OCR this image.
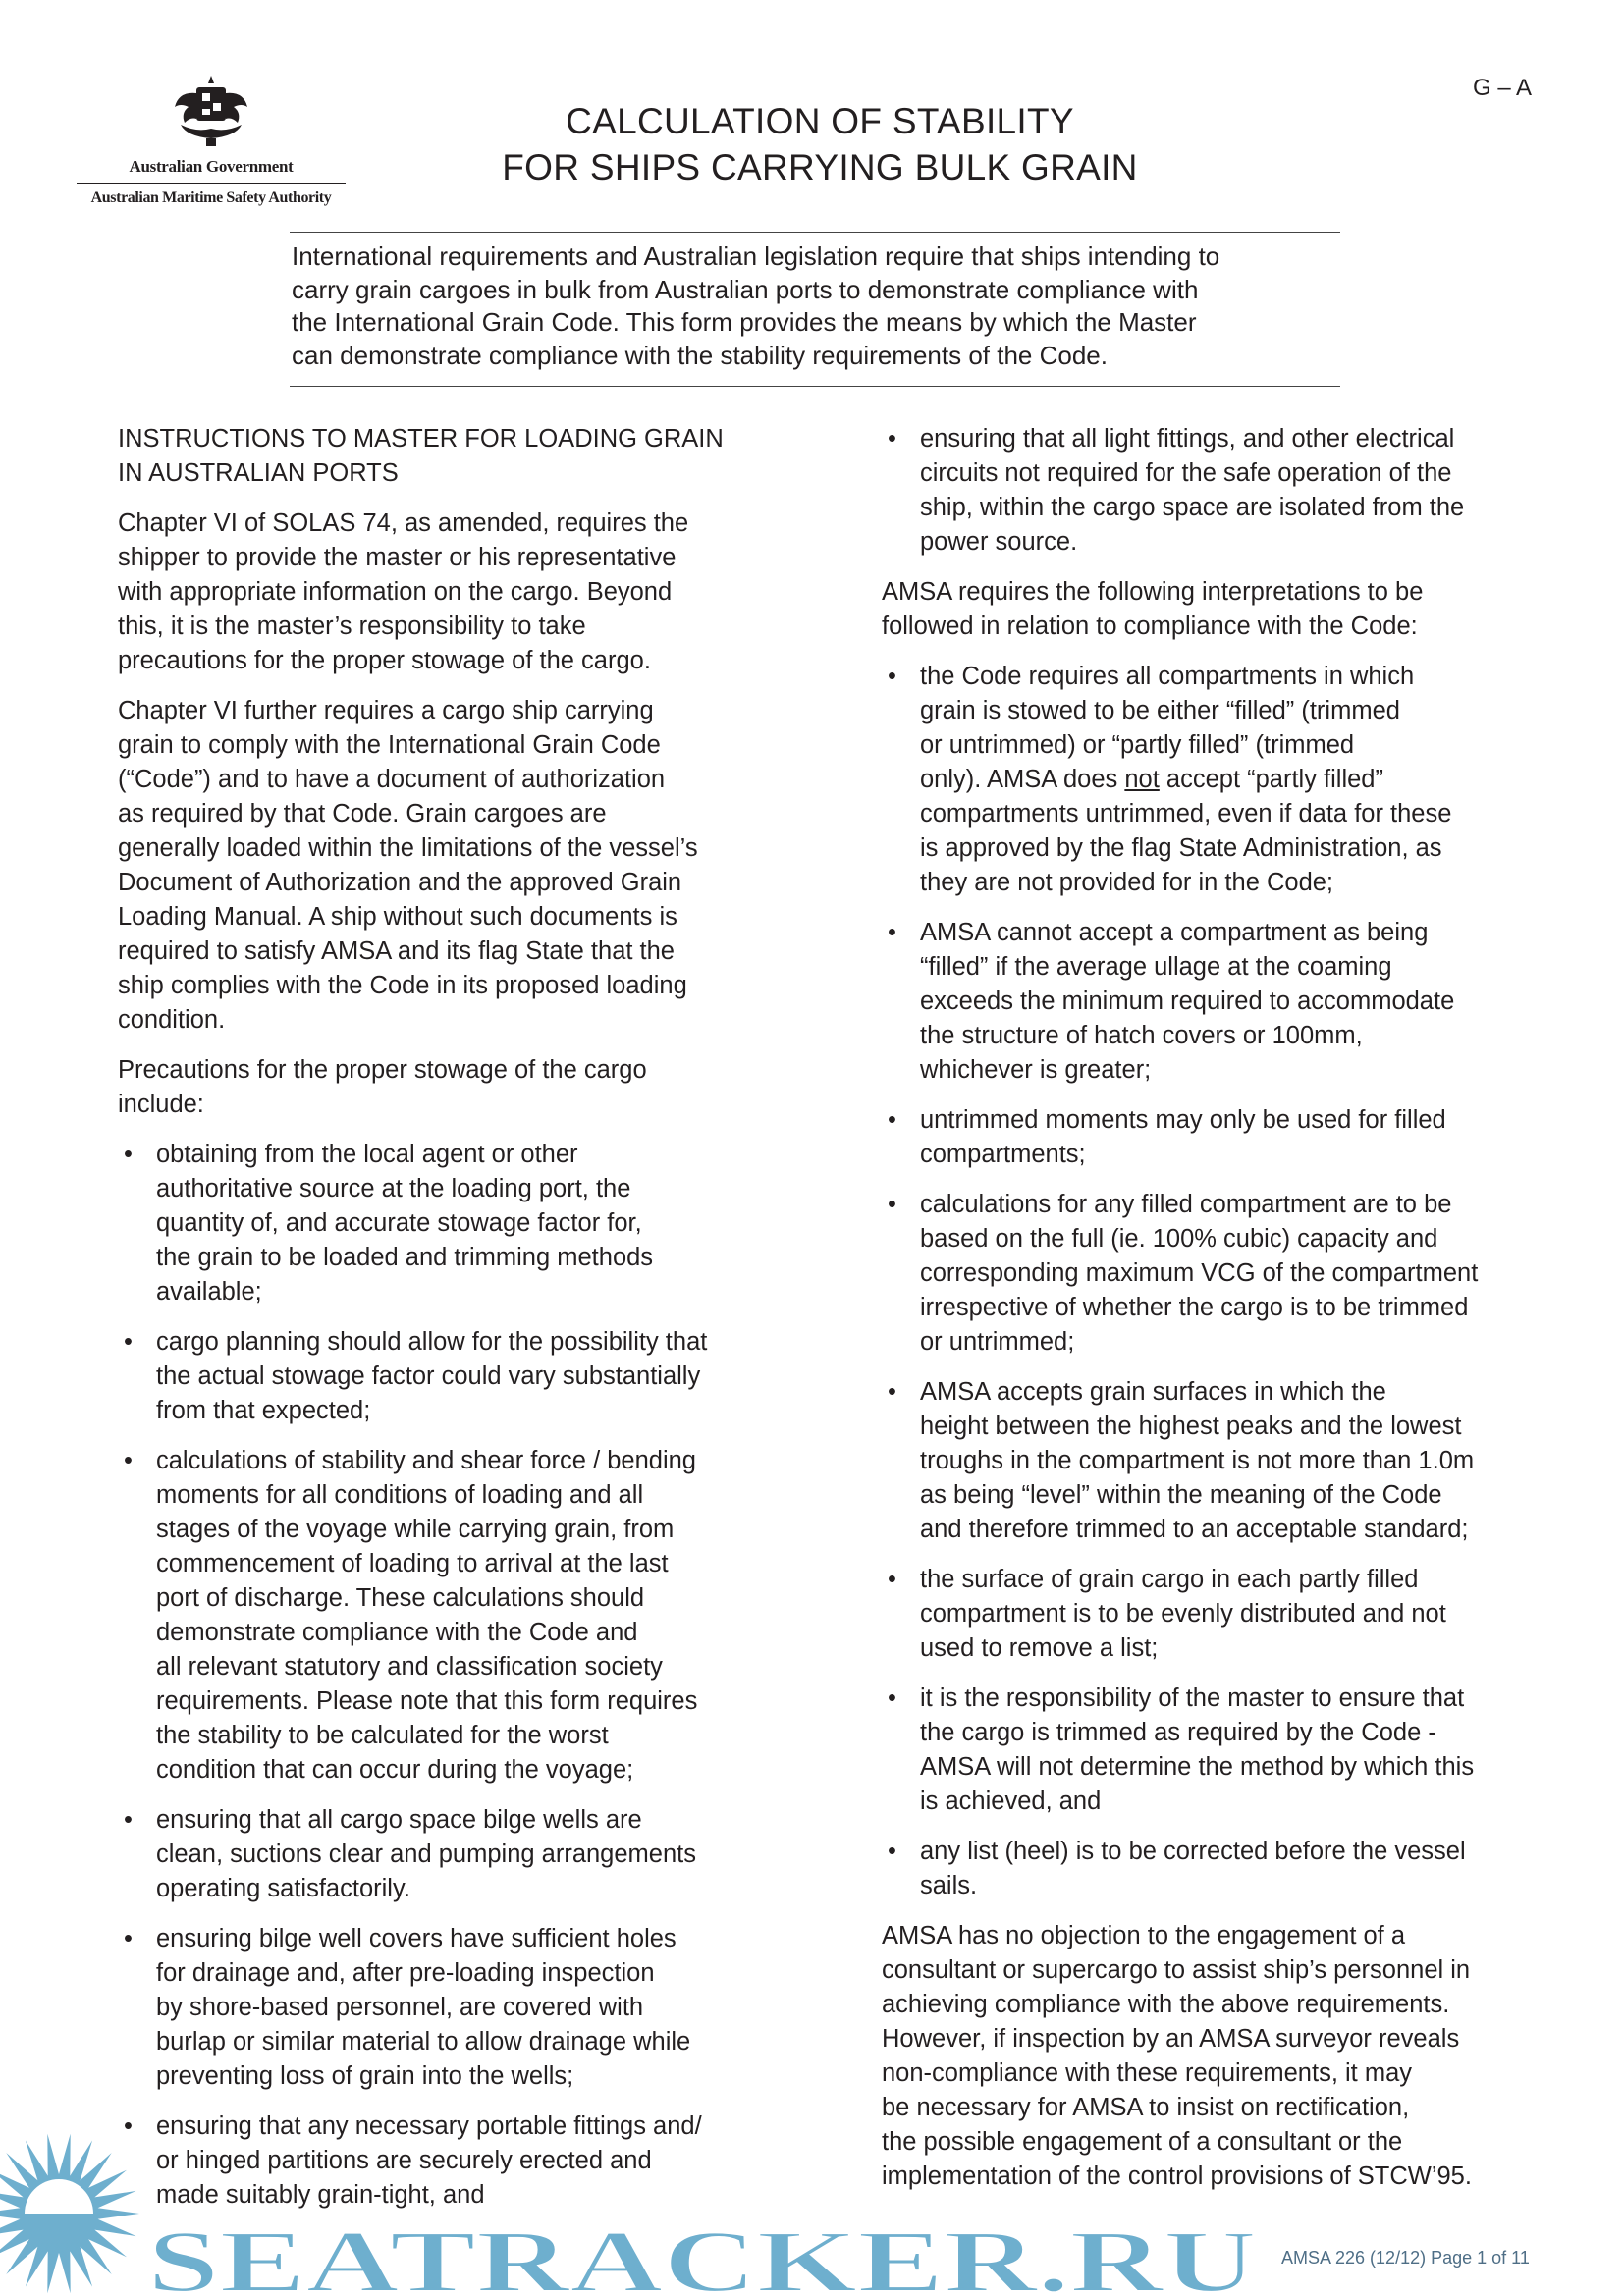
Australian Government
Australian Maritime Safety Authority
CALCULATION OF STABILITY
FOR SHIPS CARRYING BULK GRAIN
G – A
International requirements and Australian legislation require that ships intending to
carry grain cargoes in bulk from Australian ports to demonstrate compliance with
the International Grain Code. This form provides the means by which the Master
can demonstrate compliance with the stability requirements of the Code.
INSTRUCTIONS TO MASTER FOR LOADING GRAIN
IN AUSTRALIAN PORTS
Chapter VI of SOLAS 74, as amended, requires the
shipper to provide the master or his representative
with appropriate information on the cargo. Beyond
this, it is the master’s responsibility to take
precautions for the proper stowage of the cargo.
Chapter VI further requires a cargo ship carrying
grain to comply with the International Grain Code
(“Code”) and to have a document of authorization
as required by that Code. Grain cargoes are
generally loaded within the limitations of the vessel’s
Document of Authorization and the approved Grain
Loading Manual. A ship without such documents is
required to satisfy AMSA and its flag State that the
ship complies with the Code in its proposed loading
condition.
Precautions for the proper stowage of the cargo
include:
• obtaining from the local agent or other
authoritative source at the loading port, the
quantity of, and accurate stowage factor for,
the grain to be loaded and trimming methods
available;
• cargo planning should allow for the possibility that
the actual stowage factor could vary substantially
from that expected;
• calculations of stability and shear force / bending
moments for all conditions of loading and all
stages of the voyage while carrying grain, from
commencement of loading to arrival at the last
port of discharge. These calculations should
demonstrate compliance with the Code and
all relevant statutory and classification society
requirements. Please note that this form requires
the stability to be calculated for the worst
condition that can occur during the voyage;
• ensuring that all cargo space bilge wells are
clean, suctions clear and pumping arrangements
operating satisfactorily.
• ensuring bilge well covers have sufficient holes
for drainage and, after pre-loading inspection
by shore-based personnel, are covered with
burlap or similar material to allow drainage while
preventing loss of grain into the wells;
• ensuring that any necessary portable fittings and/
or hinged partitions are securely erected and
made suitably grain-tight, and
• ensuring that all light fittings, and other electrical
circuits not required for the safe operation of the
ship, within the cargo space are isolated from the
power source.
AMSA requires the following interpretations to be
followed in relation to compliance with the Code:
• the Code requires all compartments in which
grain is stowed to be either “filled” (trimmed
or untrimmed) or “partly filled” (trimmed
only). AMSA does not accept “partly filled”
compartments untrimmed, even if data for these
is approved by the flag State Administration, as
they are not provided for in the Code;
• AMSA cannot accept a compartment as being
“filled” if the average ullage at the coaming
exceeds the minimum required to accommodate
the structure of hatch covers or 100mm,
whichever is greater;
• untrimmed moments may only be used for filled
compartments;
• calculations for any filled compartment are to be
based on the full (ie. 100% cubic) capacity and
corresponding maximum VCG of the compartment
irrespective of whether the cargo is to be trimmed
or untrimmed;
• AMSA accepts grain surfaces in which the
height between the highest peaks and the lowest
troughs in the compartment is not more than 1.0m
as being “level” within the meaning of the Code
and therefore trimmed to an acceptable standard;
• the surface of grain cargo in each partly filled
compartment is to be evenly distributed and not
used to remove a list;
• it is the responsibility of the master to ensure that
the cargo is trimmed as required by the Code -
AMSA will not determine the method by which this
is achieved, and
• any list (heel) is to be corrected before the vessel
sails.
AMSA has no objection to the engagement of a
consultant or supercargo to assist ship’s personnel in
achieving compliance with the above requirements.
However, if inspection by an AMSA surveyor reveals
non-compliance with these requirements, it may
be necessary for AMSA to insist on rectification,
the possible engagement of a consultant or the
implementation of the control provisions of STCW’95.
SEATRACKER.RU AMSA 226 (12/12) Page 1 of 11
